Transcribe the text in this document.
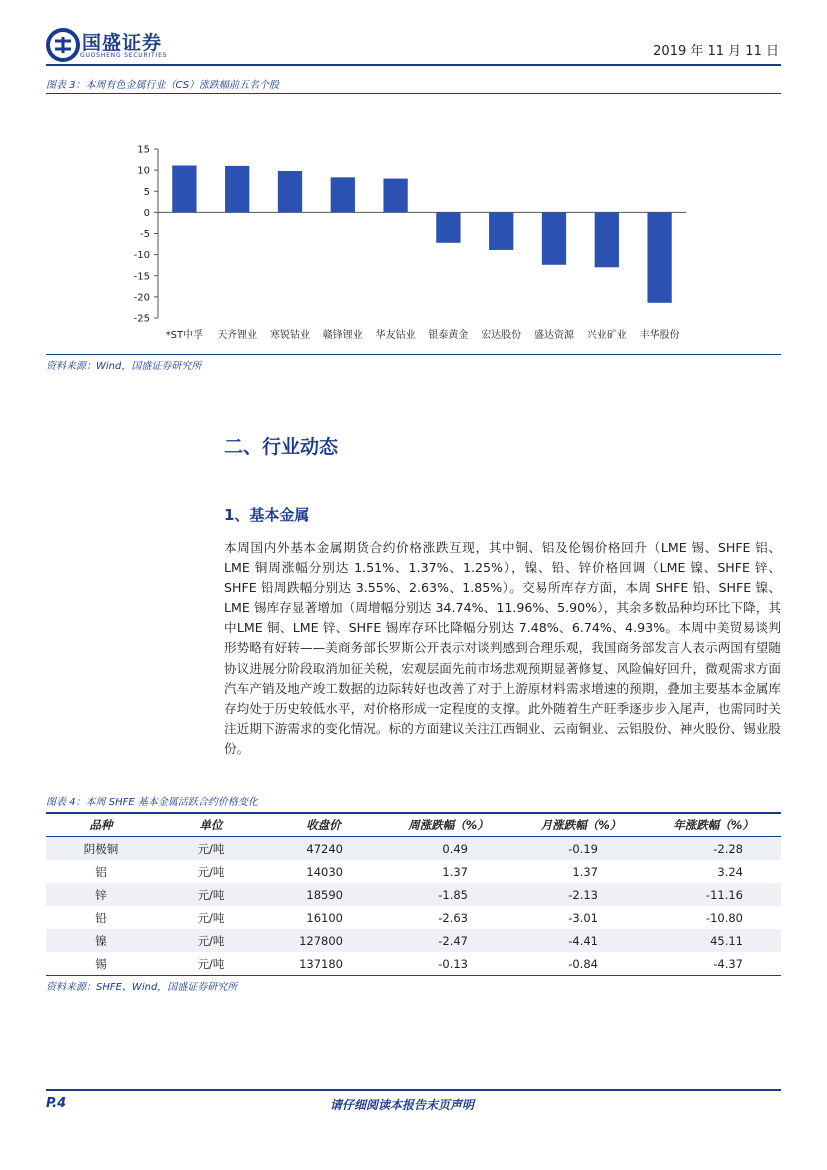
国盛证券
GUOSHENG SECURITIES	2019 年 11 月 11 日
图表 3：本周有色金属行业（CS）涨跌幅前五名个股
15
10
5
0
-5
-10
-15
-20
-25
*ST中孚 天齐锂业 寒锐钴业 赣锋锂业 华友钴业 银泰黄金 宏达股份 盛达资源 兴业矿业 丰华股份
资料来源：Wind，国盛证券研究所
二、行业动态
1、基本金属
本周国内外基本金属期货合约价格涨跌互现，其中铜、铝及伦锡价格回升（LME 锡、SHFE 铝、LME 铜周涨幅分别达 1.51%、1.37%、1.25%），镍、铅、锌价格回调（LME 镍、SHFE 锌、SHFE 铅周跌幅分别达 3.55%、2.63%、1.85%）。交易所库存方面，本周 SHFE 铅、SHFE 镍、LME 锡库存显著增加（周增幅分别达 34.74%、11.96%、5.90%），其余多数品种均环比下降，其中LME 铜、LME 锌、SHFE 锡库存环比降幅分别达 7.48%、6.74%、4.93%。本周中美贸易谈判形势略有好转——美商务部长罗斯公开表示对谈判感到合理乐观，我国商务部发言人表示两国有望随协议进展分阶段取消加征关税，宏观层面先前市场悲观预期显著修复、风险偏好回升，微观需求方面汽车产销及地产竣工数据的边际转好也改善了对于上游原材料需求增速的预期，叠加主要基本金属库存均处于历史较低水平，对价格形成一定程度的支撑。此外随着生产旺季逐步步入尾声，也需同时关注近期下游需求的变化情况。标的方面建议关注江西铜业、云南铜业、云铝股份、神火股份、锡业股份。
图表 4：本周 SHFE 基本金属活跃合约价格变化
品种	单位	收盘价	周涨跌幅（%）	月涨跌幅（%）	年涨跌幅（%）
阴极铜	元/吨	47240	0.49	-0.19	-2.28
铝	元/吨	14030	1.37	1.37	3.24
锌	元/吨	18590	-1.85	-2.13	-11.16
铅	元/吨	16100	-2.63	-3.01	-10.80
镍	元/吨	127800	-2.47	-4.41	45.11
锡	元/吨	137180	-0.13	-0.84	-4.37
资料来源：SHFE、Wind，国盛证券研究所
P.4	请仔细阅读本报告末页声明
